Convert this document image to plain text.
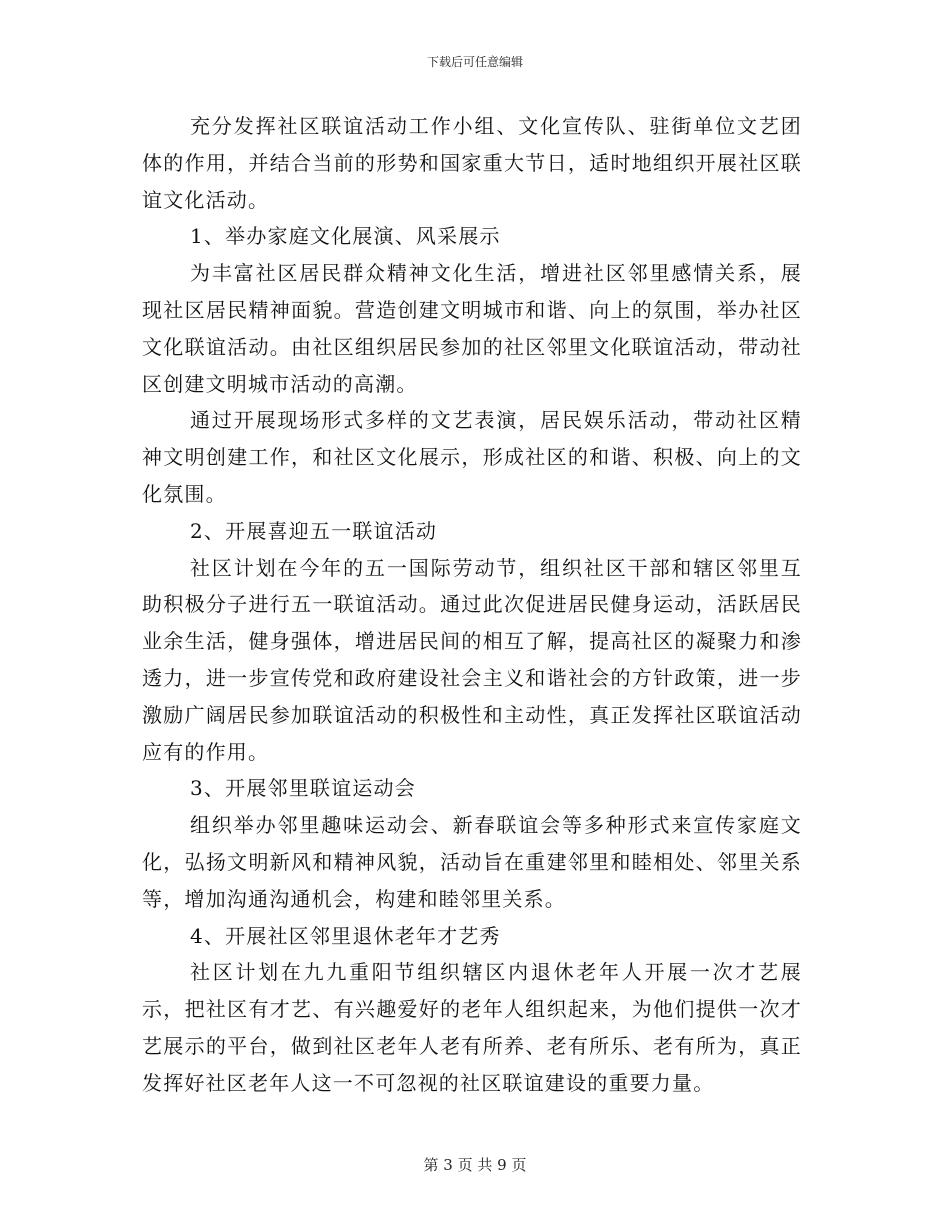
下载后可任意编辑

充分发挥社区联谊活动工作小组、文化宣传队、驻街单位文艺团体的作用，并结合当前的形势和国家重大节日，适时地组织开展社区联谊文化活动。

1、举办家庭文化展演、风采展示

为丰富社区居民群众精神文化生活，增进社区邻里感情关系，展现社区居民精神面貌。营造创建文明城市和谐、向上的氛围，举办社区文化联谊活动。由社区组织居民参加的社区邻里文化联谊活动，带动社区创建文明城市活动的高潮。

通过开展现场形式多样的文艺表演，居民娱乐活动，带动社区精神文明创建工作，和社区文化展示，形成社区的和谐、积极、向上的文化氛围。

2、开展喜迎五一联谊活动

社区计划在今年的五一国际劳动节，组织社区干部和辖区邻里互助积极分子进行五一联谊活动。通过此次促进居民健身运动，活跃居民业余生活，健身强体，增进居民间的相互了解，提高社区的凝聚力和渗透力，进一步宣传党和政府建设社会主义和谐社会的方针政策，进一步激励广阔居民参加联谊活动的积极性和主动性，真正发挥社区联谊活动应有的作用。

3、开展邻里联谊运动会

组织举办邻里趣味运动会、新春联谊会等多种形式来宣传家庭文化，弘扬文明新风和精神风貌，活动旨在重建邻里和睦相处、邻里关系等，增加沟通沟通机会，构建和睦邻里关系。

4、开展社区邻里退休老年才艺秀

社区计划在九九重阳节组织辖区内退休老年人开展一次才艺展示，把社区有才艺、有兴趣爱好的老年人组织起来，为他们提供一次才艺展示的平台，做到社区老年人老有所养、老有所乐、老有所为，真正发挥好社区老年人这一不可忽视的社区联谊建设的重要力量。

第 3 页 共 9 页
